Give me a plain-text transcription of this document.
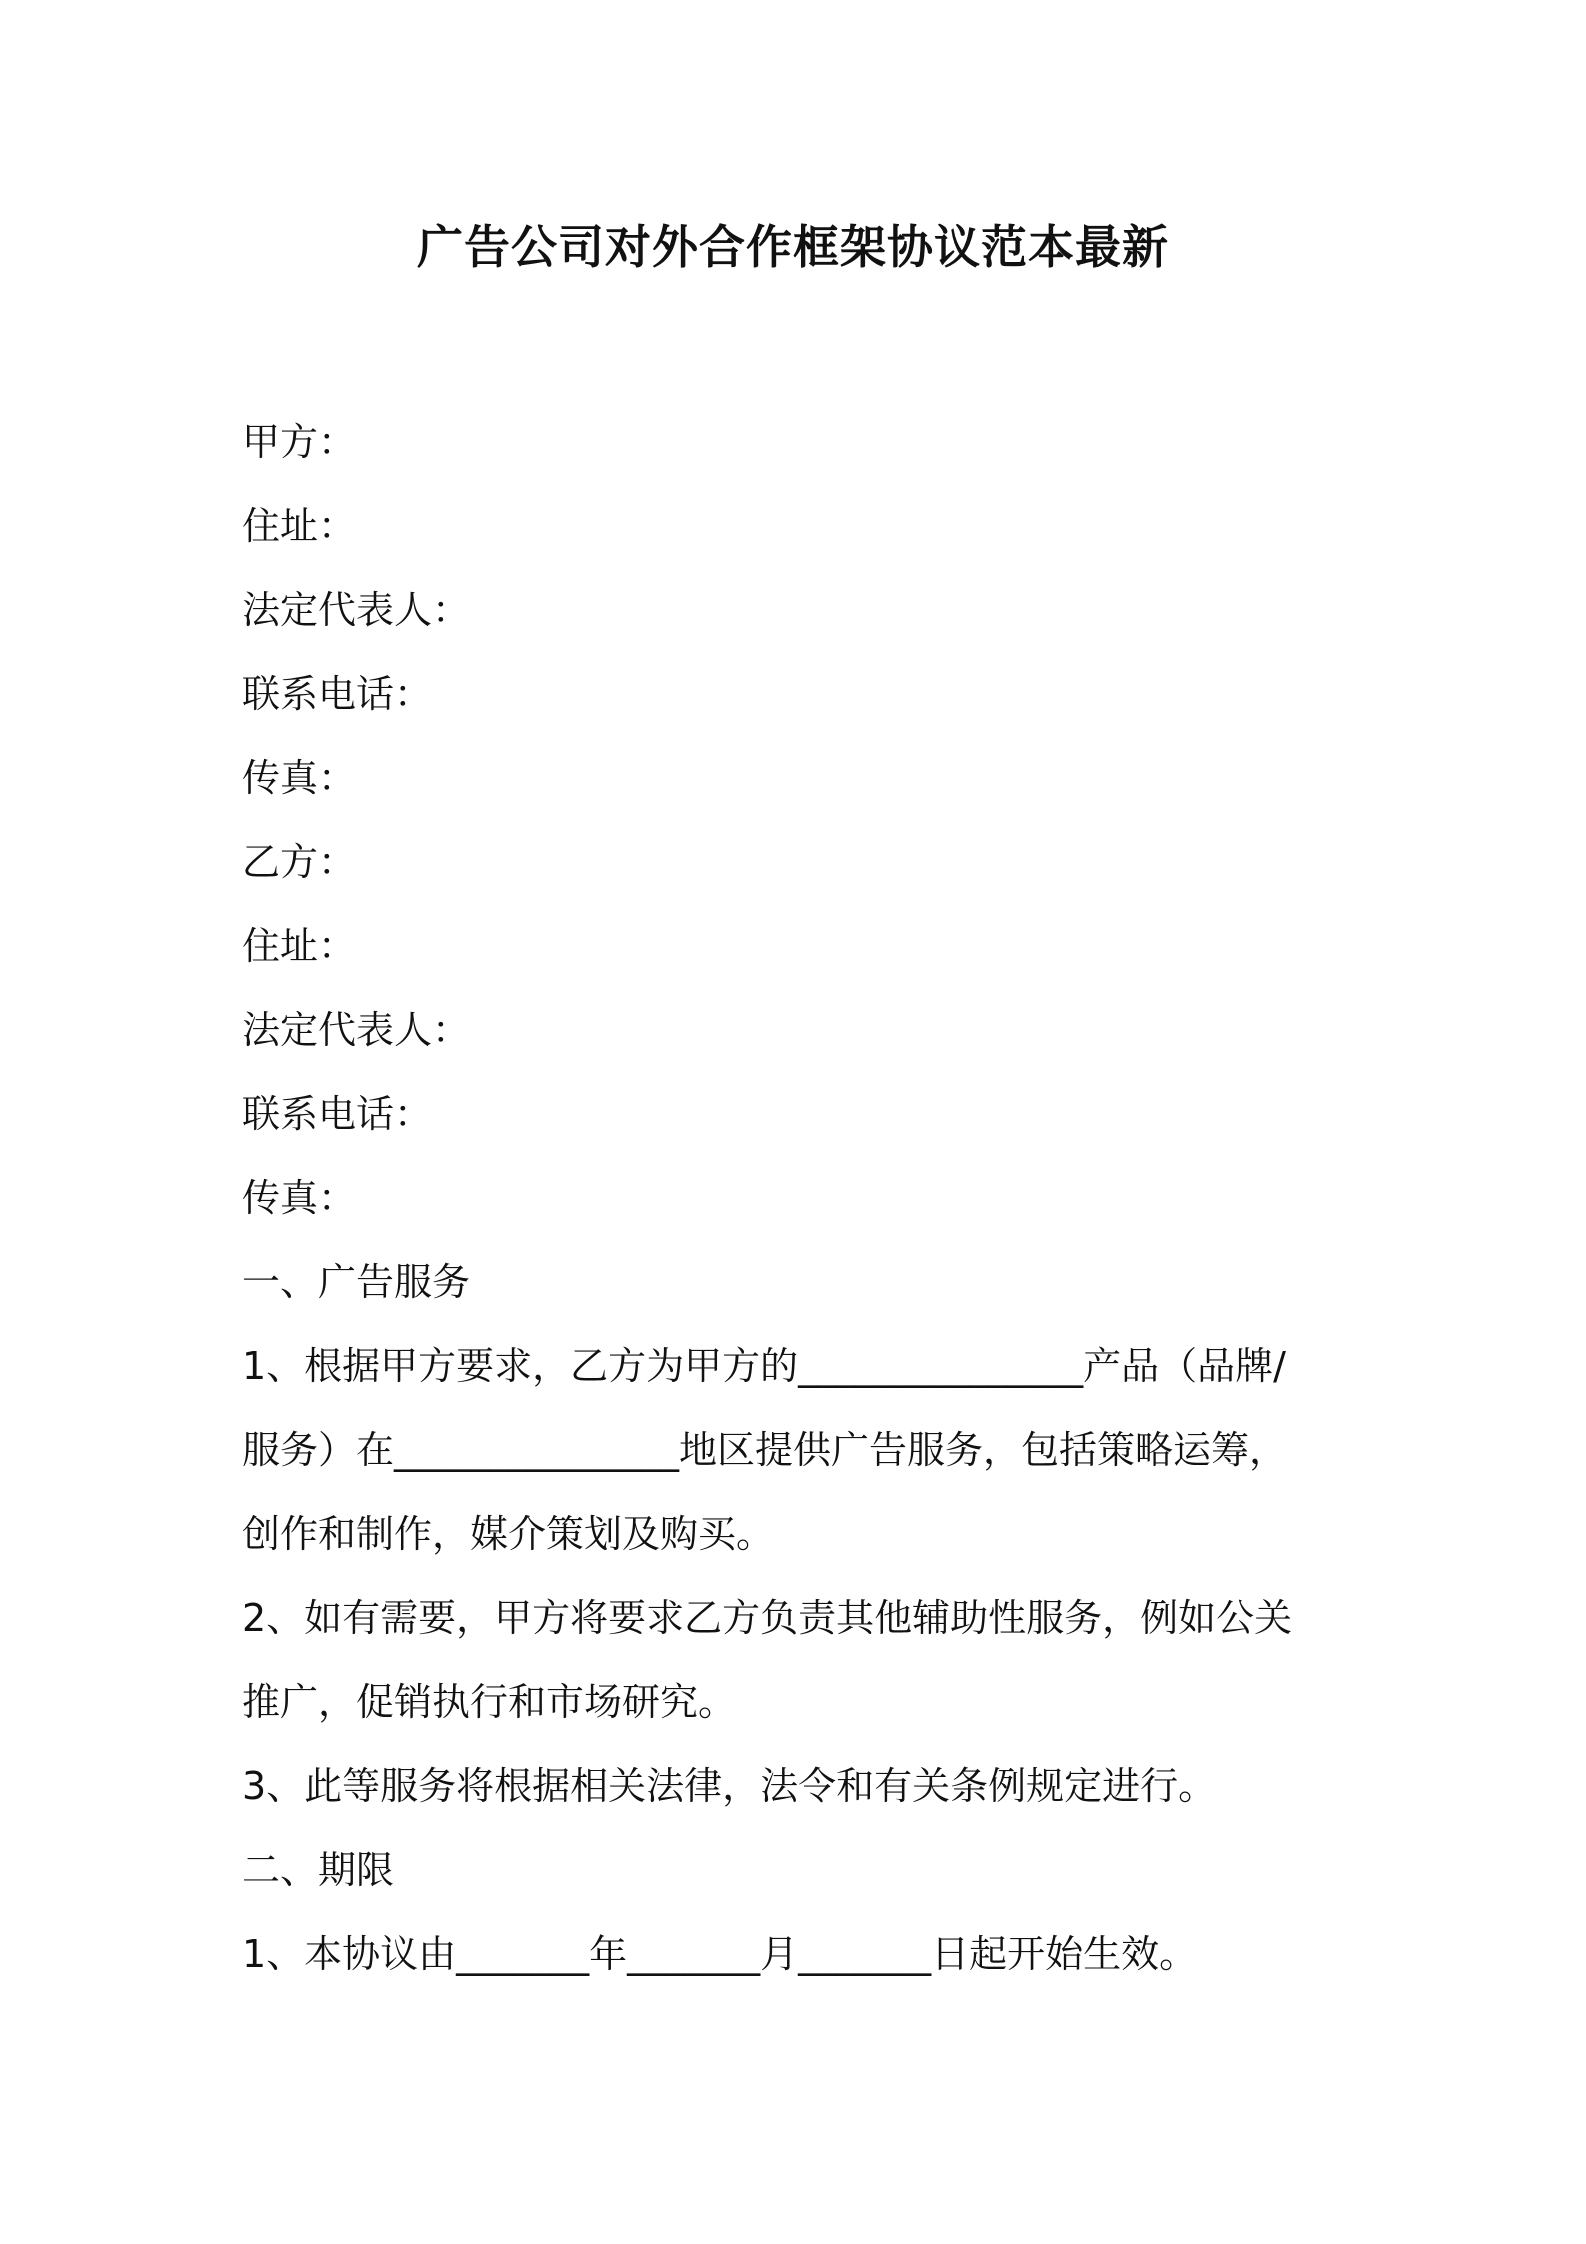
广告公司对外合作框架协议范本最新

甲方：

住址：

法定代表人：

联系电话：

传真：

乙方：

住址：

法定代表人：

联系电话：

传真：

一、广告服务

1、根据甲方要求，乙方为甲方的_______________产品（品牌/

服务）在_______________地区提供广告服务，包括策略运筹，

创作和制作，媒介策划及购买。

2、如有需要，甲方将要求乙方负责其他辅助性服务，例如公关

推广，促销执行和市场研究。

3、此等服务将根据相关法律，法令和有关条例规定进行。

二、期限

1、本协议由_______年_______月_______日起开始生效。
